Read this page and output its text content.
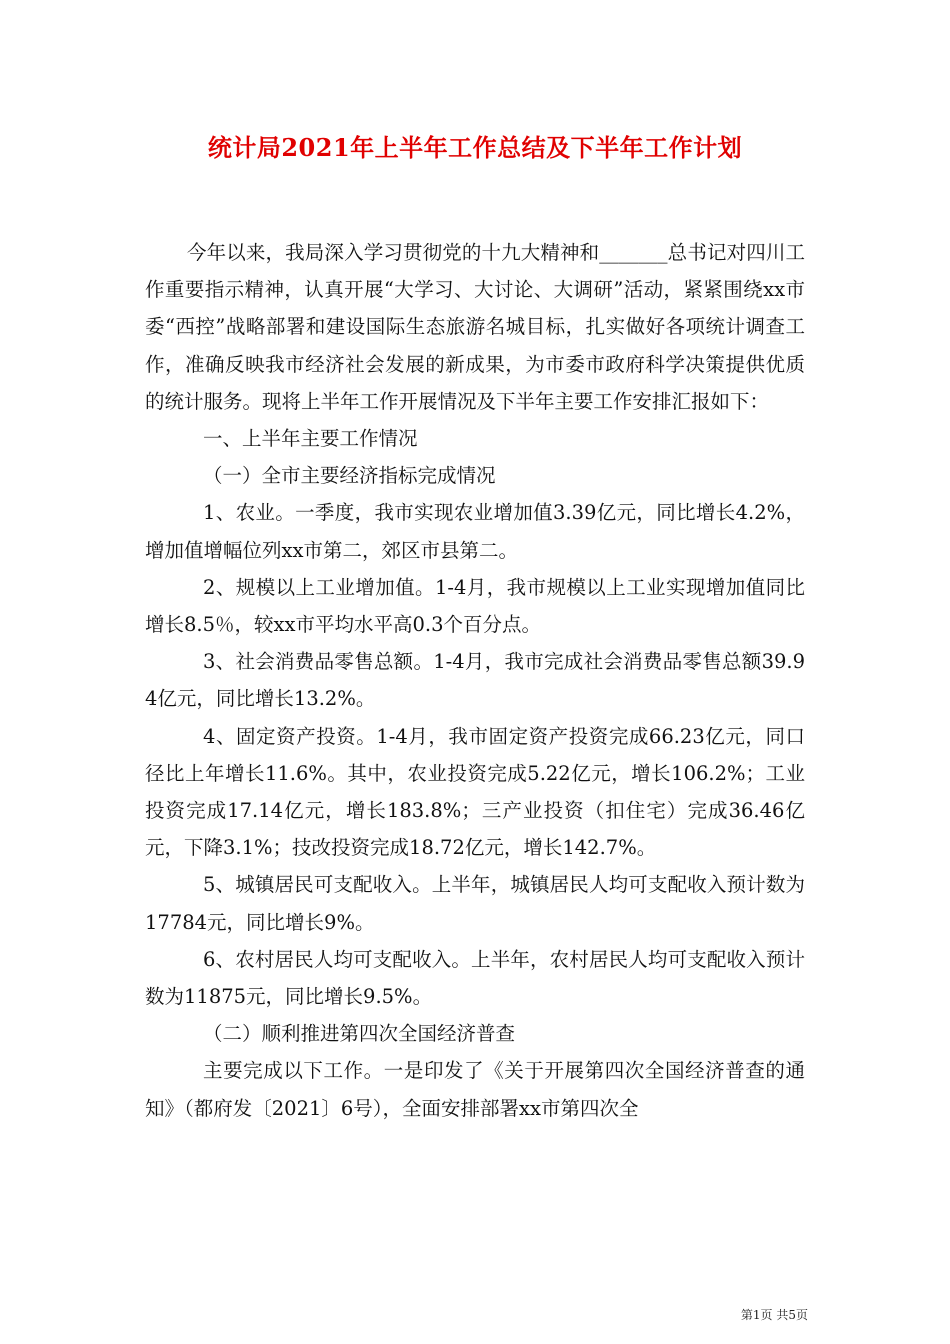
统计局2021年上半年工作总结及下半年工作计划

今年以来，我局深入学习贯彻党的十九大精神和_______总书记对四川工作重要指示精神，认真开展“大学习、大讨论、大调研”活动，紧紧围绕xx市委“西控”战略部署和建设国际生态旅游名城目标，扎实做好各项统计调查工作，准确反映我市经济社会发展的新成果，为市委市政府科学决策提供优质的统计服务。现将上半年工作开展情况及下半年主要工作安排汇报如下：

一、上半年主要工作情况

（一）全市主要经济指标完成情况

1、农业。一季度，我市实现农业增加值3.39亿元，同比增长4.2%，增加值增幅位列xx市第二，郊区市县第二。

2、规模以上工业增加值。1-4月，我市规模以上工业实现增加值同比增长8.5％，较xx市平均水平高0.3个百分点。

3、社会消费品零售总额。1-4月，我市完成社会消费品零售总额39.94亿元，同比增长13.2%。

4、固定资产投资。1-4月，我市固定资产投资完成66.23亿元，同口径比上年增长11.6%。其中，农业投资完成5.22亿元，增长106.2%；工业投资完成17.14亿元，增长183.8%；三产业投资（扣住宅）完成36.46亿元，下降3.1%；技改投资完成18.72亿元，增长142.7%。

5、城镇居民可支配收入。上半年，城镇居民人均可支配收入预计数为17784元，同比增长9%。

6、农村居民人均可支配收入。上半年，农村居民人均可支配收入预计数为11875元，同比增长9.5%。

（二）顺利推进第四次全国经济普查

主要完成以下工作。一是印发了《关于开展第四次全国经济普查的通知》（都府发〔2021〕6号），全面安排部署xx市第四次全

第1页 共5页
